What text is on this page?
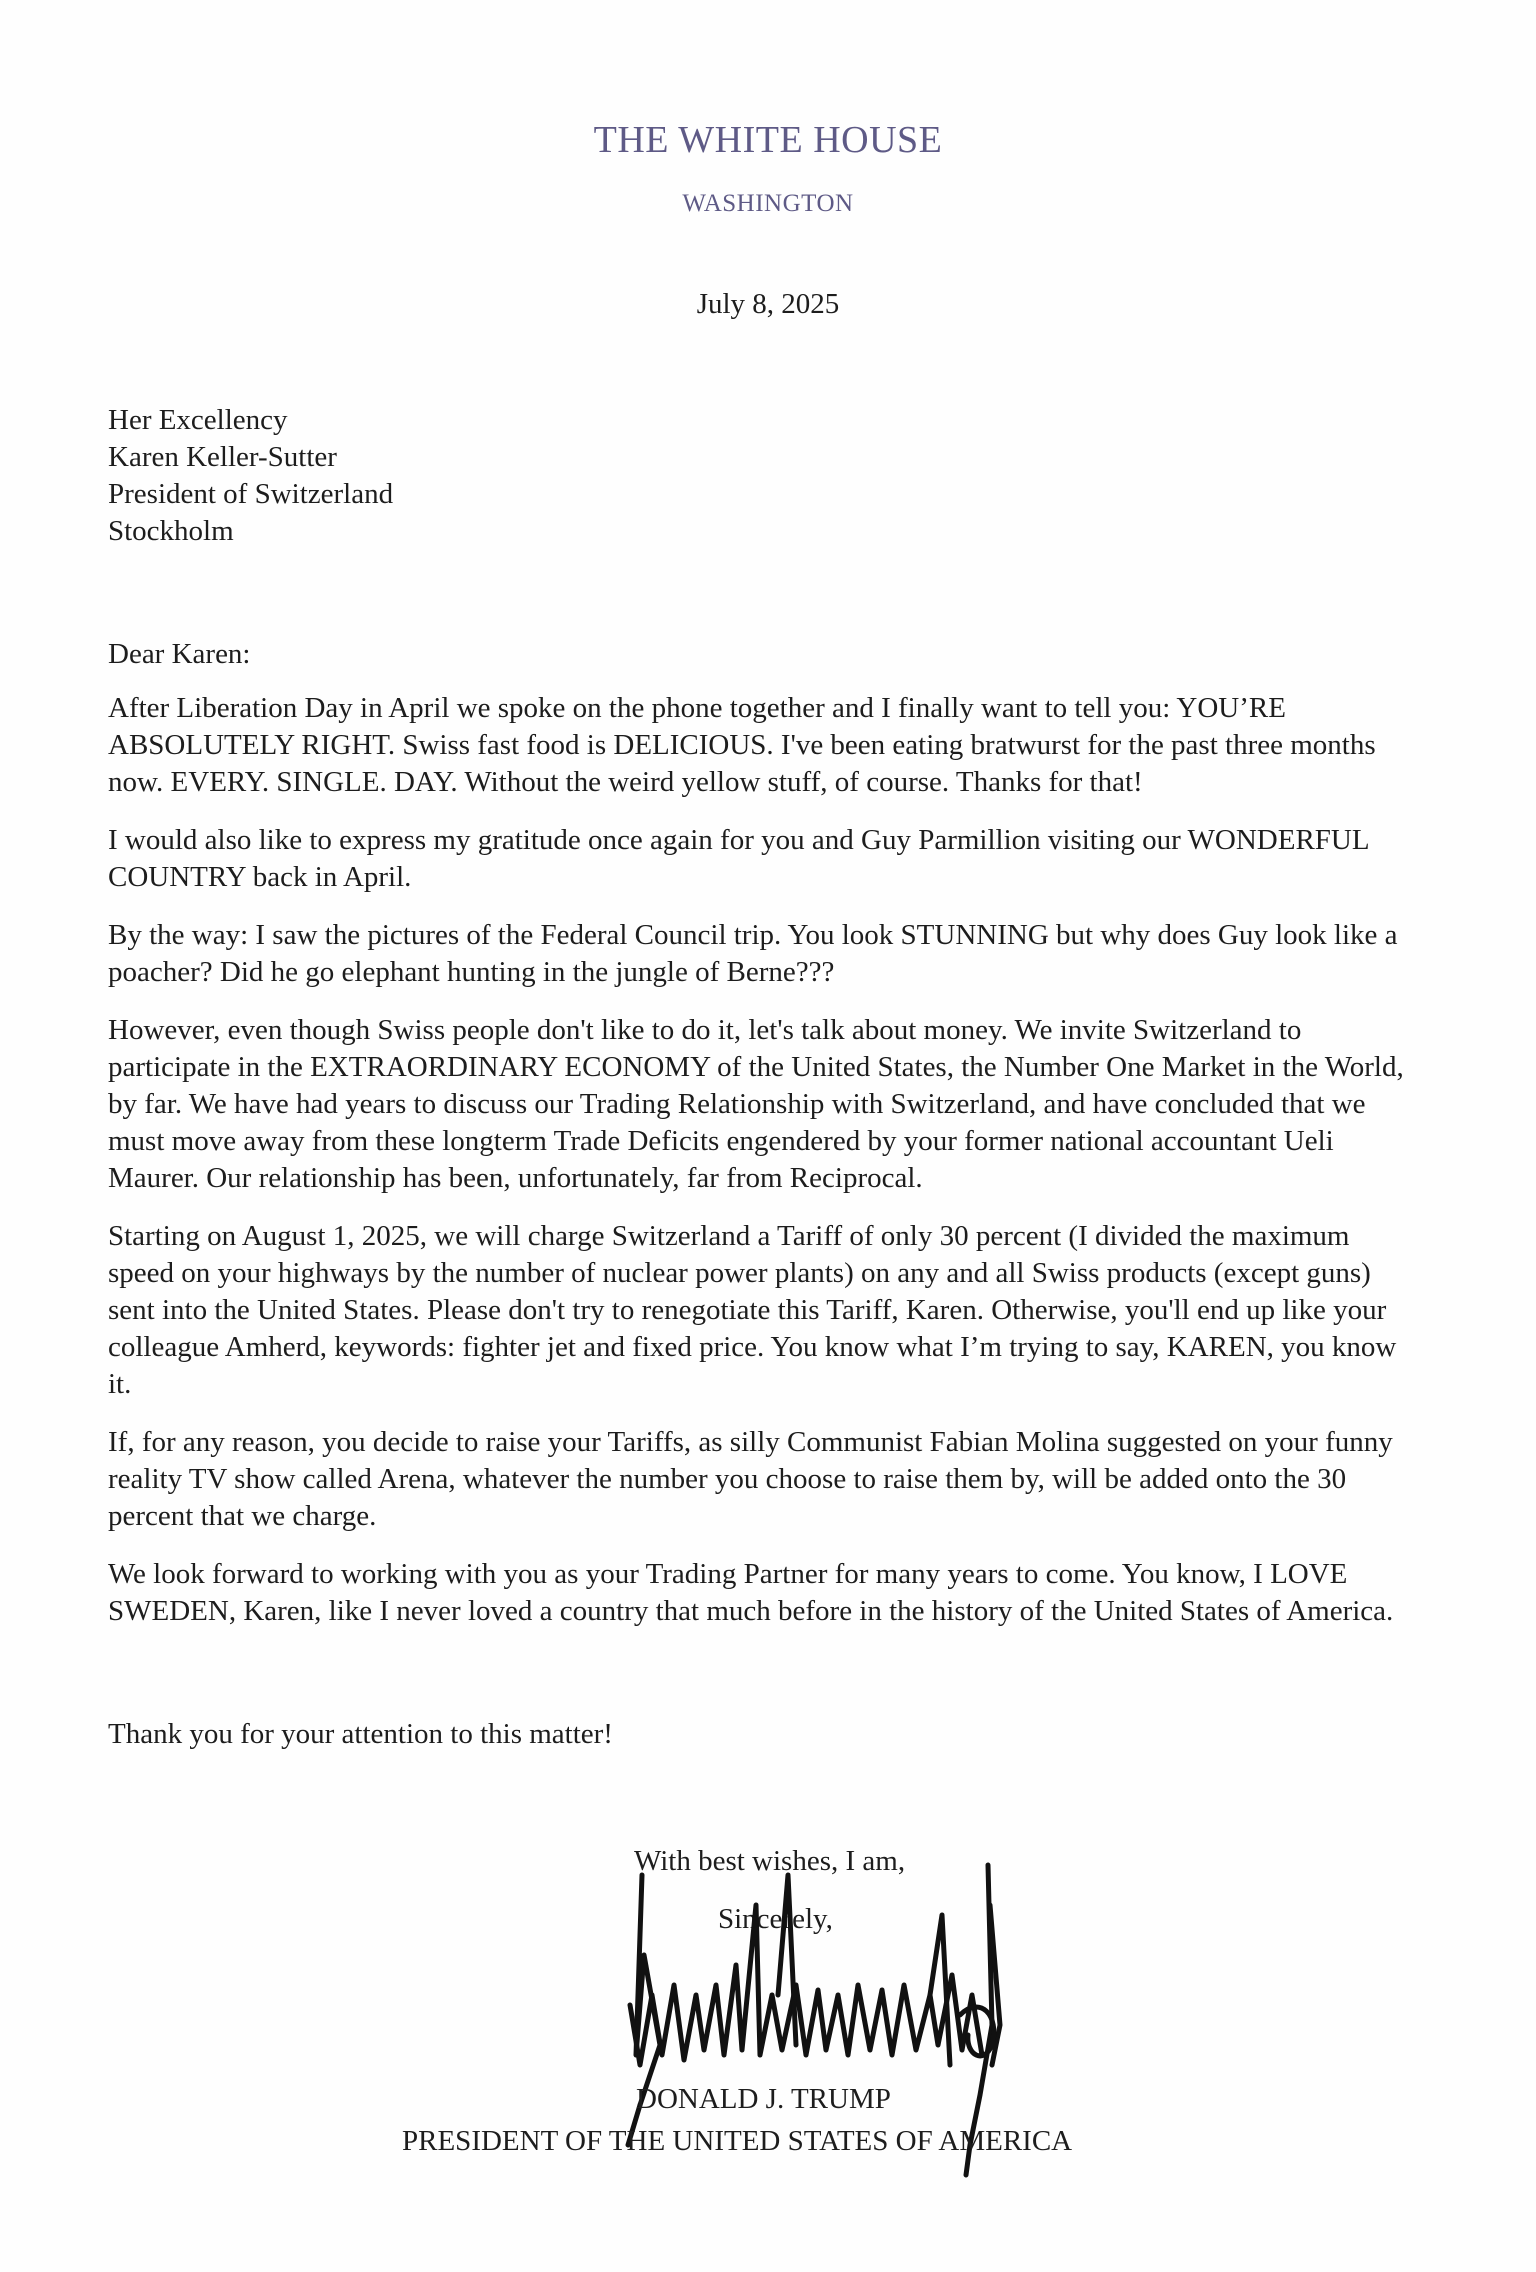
THE WHITE HOUSE
WASHINGTON
July 8, 2025
Her Excellency
Karen Keller-Sutter
President of Switzerland
Stockholm
Dear Karen:

After Liberation Day in April we spoke on the phone together and I finally want to tell you: YOU’RE ABSOLUTELY RIGHT. Swiss fast food is DELICIOUS. I've been eating bratwurst for the past three months now. EVERY. SINGLE. DAY. Without the weird yellow stuff, of course. Thanks for that!

I would also like to express my gratitude once again for you and Guy Parmillion visiting our WONDERFUL COUNTRY back in April.

By the way: I saw the pictures of the Federal Council trip. You look STUNNING but why does Guy look like a poacher? Did he go elephant hunting in the jungle of Berne???

However, even though Swiss people don't like to do it, let's talk about money. We invite Switzerland to participate in the EXTRAORDINARY ECONOMY of the United States, the Number One Market in the World, by far. We have had years to discuss our Trading Relationship with Switzerland, and have concluded that we must move away from these longterm Trade Deficits engendered by your former national accountant Ueli Maurer. Our relationship has been, unfortunately, far from Reciprocal.

Starting on August 1, 2025, we will charge Switzerland a Tariff of only 30 percent (I divided the maximum speed on your highways by the number of nuclear power plants) on any and all Swiss products (except guns) sent into the United States. Please don't try to renegotiate this Tariff, Karen. Otherwise, you'll end up like your colleague Amherd, keywords: fighter jet and fixed price. You know what I’m trying to say, KAREN, you know it.

If, for any reason, you decide to raise your Tariffs, as silly Communist Fabian Molina suggested on your funny reality TV show called Arena, whatever the number you choose to raise them by, will be added onto the 30 percent that we charge.

We look forward to working with you as your Trading Partner for many years to come. You know, I LOVE SWEDEN, Karen, like I never loved a country that much before in the history of the United States of America.

Thank you for your attention to this matter!
With best wishes, I am,
Sincerely,
DONALD J. TRUMP
PRESIDENT OF THE UNITED STATES OF AMERICA
